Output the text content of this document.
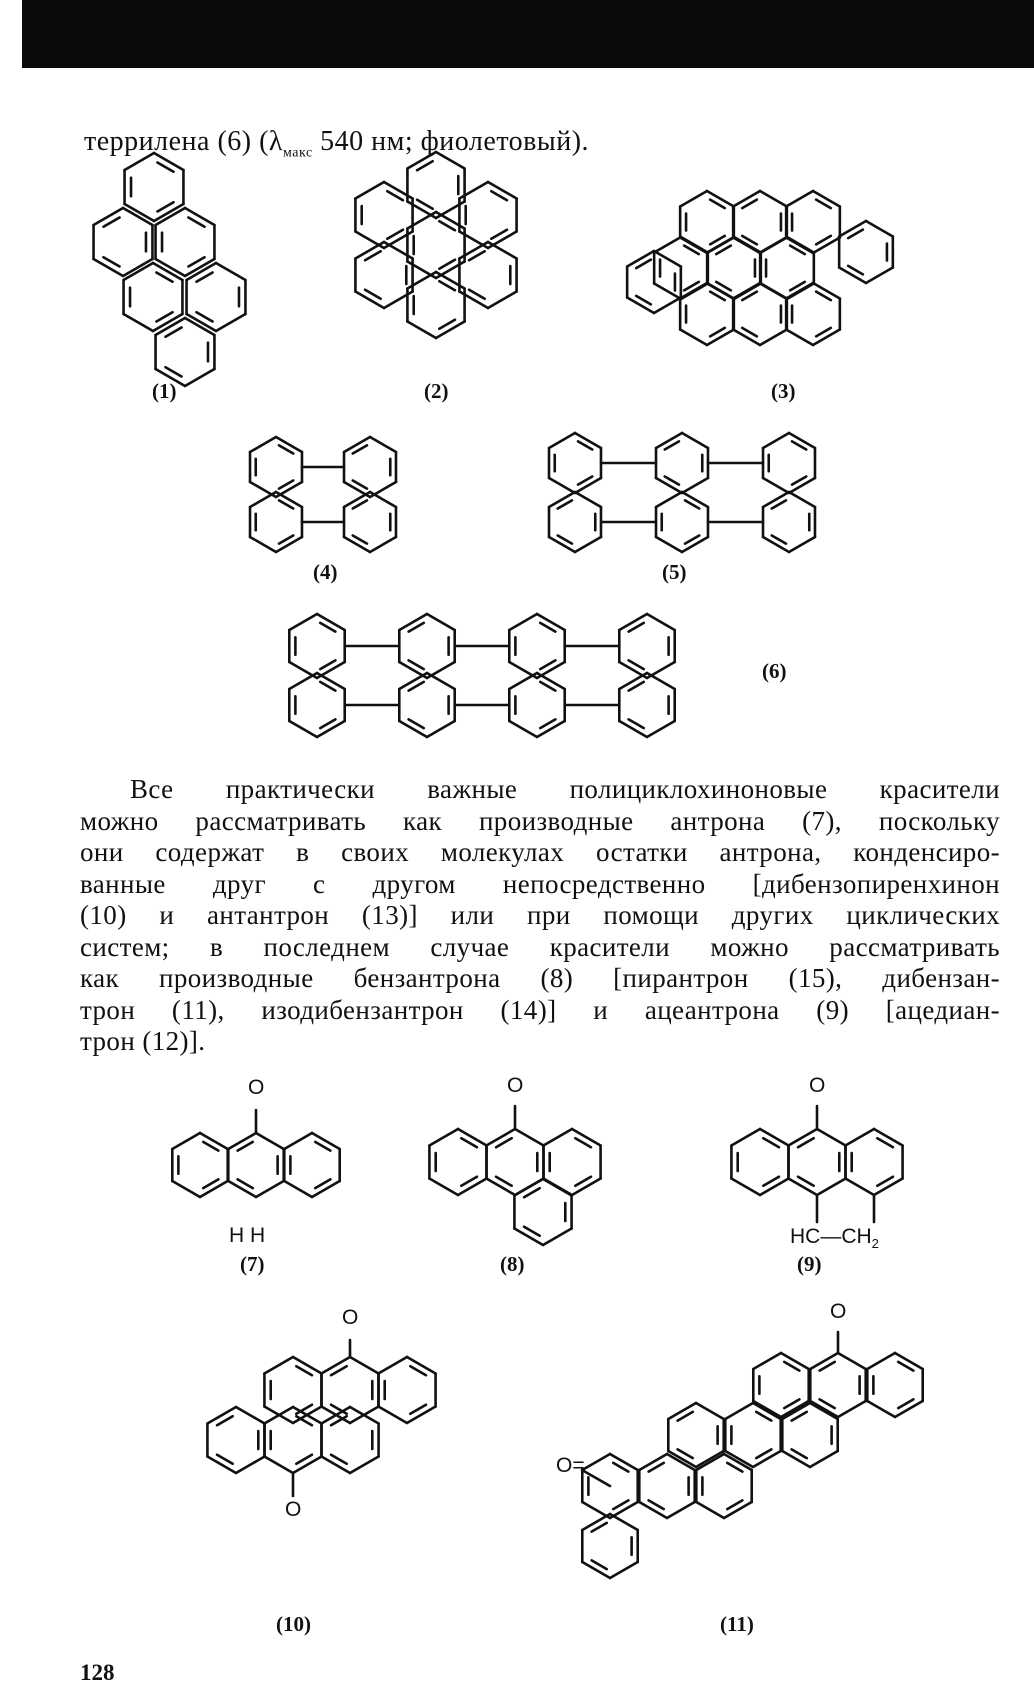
террилена (6) ($\lambda_{макс}$ 540 нм; фиолетовый).
(1)	(2)	(3)
(4)	(5)
(6)

Все практически важные полициклохиноновые красители

можно рассматривать как производные антрона (7), поскольку

они содержат в своих молекулах остатки антрона, конденсиро-

ванные друг с другом непосредственно [дибензопиренхинон

(10) и антантрон (13)] или при помощи других циклических

систем; в последнем случае красители можно рассматривать

как производные бензантрона (8) [пирантрон (15), дибензан-

трон (11), изодибензантрон (14)] и ацеантрона (9) [ацедиан-

трон (12)].

O
H H
(7)
O
(8)
O
$HC—CH_2$
(9)
O
O
(10)
O
O=
(11)
128
